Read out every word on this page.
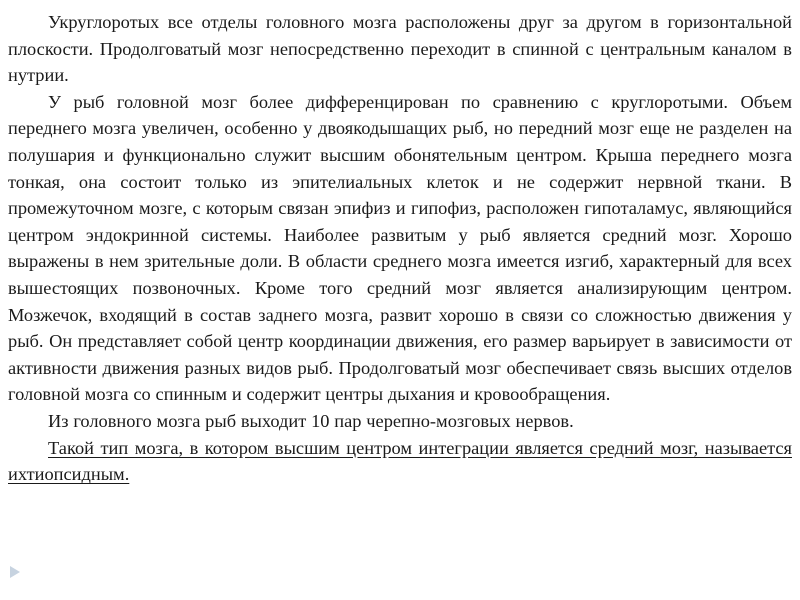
Укруглоротых все отделы головного мозга расположены друг за другом в горизонтальной плоскости. Продолговатый мозг непосредственно переходит в спинной с центральным каналом в нутрии.

У рыб головной мозг более дифференцирован по сравнению с круглоротыми. Объем переднего мозга увеличен, особенно у двоякодышащих рыб, но передний мозг еще не разделен на полушария и функционально служит высшим обонятельным центром. Крыша переднего мозга тонкая, она состоит только из эпителиальных клеток и не содержит нервной ткани. В промежуточном мозге, с которым связан эпифиз и гипофиз, расположен гипоталамус, являющийся центром эндокринной системы. Наиболее развитым у рыб является средний мозг. Хорошо выражены в нем зрительные доли. В области среднего мозга имеется изгиб, характерный для всех вышестоящих позвоночных. Кроме того средний мозг является анализирующим центром. Мозжечок, входящий в состав заднего мозга, развит хорошо в связи со сложностью движения у рыб. Он представляет собой центр координации движения, его размер варьирует в зависимости от активности движения разных видов рыб. Продолговатый мозг обеспечивает связь высших отделов головной мозга со спинным и содержит центры дыхания и кровообращения.

Из головного мозга рыб выходит 10 пар черепно-мозговых нервов.

Такой тип мозга, в котором высшим центром интеграции является средний мозг, называется ихтиопсидным.
